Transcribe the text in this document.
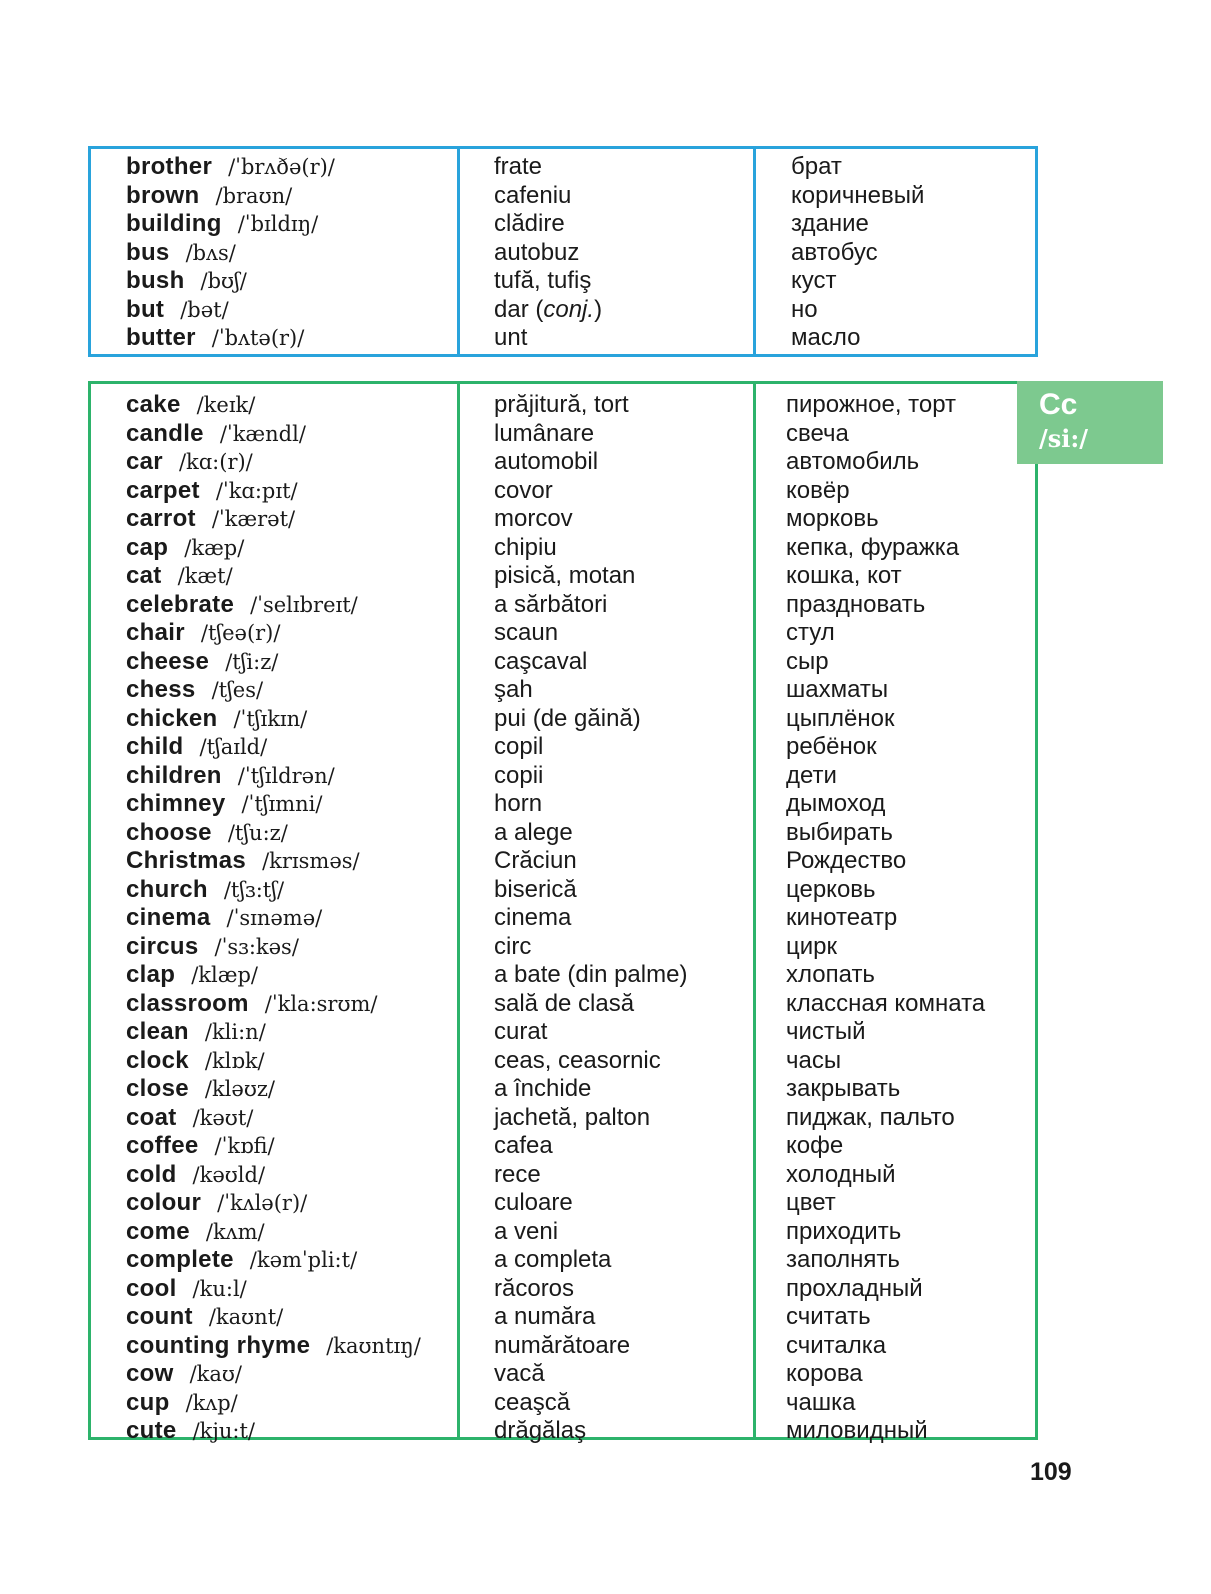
brother /ˈbrʌðə(r)/
brown /braʊn/
building /ˈbɪldɪŋ/
bus /bʌs/
bush /bʊʃ/
but /bət/
butter /ˈbʌtə(r)/
frate
cafeniu
clădire
autobuz
tufă, tufiş
dar (conj.)
unt
брат
коричневый
здание
автобус
куст
но
масло
cake /keɪk/
candle /ˈkændl/
car /kɑ:(r)/
carpet /ˈkɑ:pɪt/
carrot /ˈkærət/
cap /kæp/
cat /kæt/
celebrate /ˈselɪbreɪt/
chair /tʃeə(r)/
cheese /tʃi:z/
chess /tʃes/
chicken /ˈtʃɪkɪn/
child /tʃaɪld/
children /ˈtʃɪldrən/
chimney /ˈtʃɪmni/
choose /tʃu:z/
Christmas /krɪsməs/
church /tʃɜ:tʃ/
cinema /ˈsɪnəmə/
circus /ˈsɜ:kəs/
clap /klæp/
classroom /ˈkla:srʊm/
clean /kli:n/
clock /klɒk/
close /kləʊz/
coat /kəʊt/
coffee /ˈkɒfi/
cold /kəʊld/
colour /ˈkʌlə(r)/
come /kʌm/
complete /kəmˈpli:t/
cool /ku:l/
count /kaʊnt/
counting rhyme /kaʊntɪŋ/
cow /kaʊ/
cup /kʌp/
cute /kju:t/
prăjitură, tort
lumânare
automobil
covor
morcov
chipiu
pisică, motan
a sărbători
scaun
caşcaval
şah
pui (de găină)
copil
copii
horn
a alege
Crăciun
biserică
cinema
circ
a bate (din palme)
sală de clasă
curat
ceas, ceasornic
a închide
jachetă, palton
cafea
rece
culoare
a veni
a completa
răcoros
a număra
numărătoare
vacă
ceaşcă
drăgălaş
пирожное, торт
свеча
автомобиль
ковёр
морковь
кепка, фуражка
кошка, кот
праздновать
стул
сыр
шахматы
цыплёнок
ребёнок
дети
дымоход
выбирать
Рождество
церковь
кинотеатр
цирк
хлопать
классная комната
чистый
часы
закрывать
пиджак, пальто
кофе
холодный
цвет
приходить
заполнять
прохладный
считать
считалка
корова
чашка
миловидный
Cc
/si:/
109
